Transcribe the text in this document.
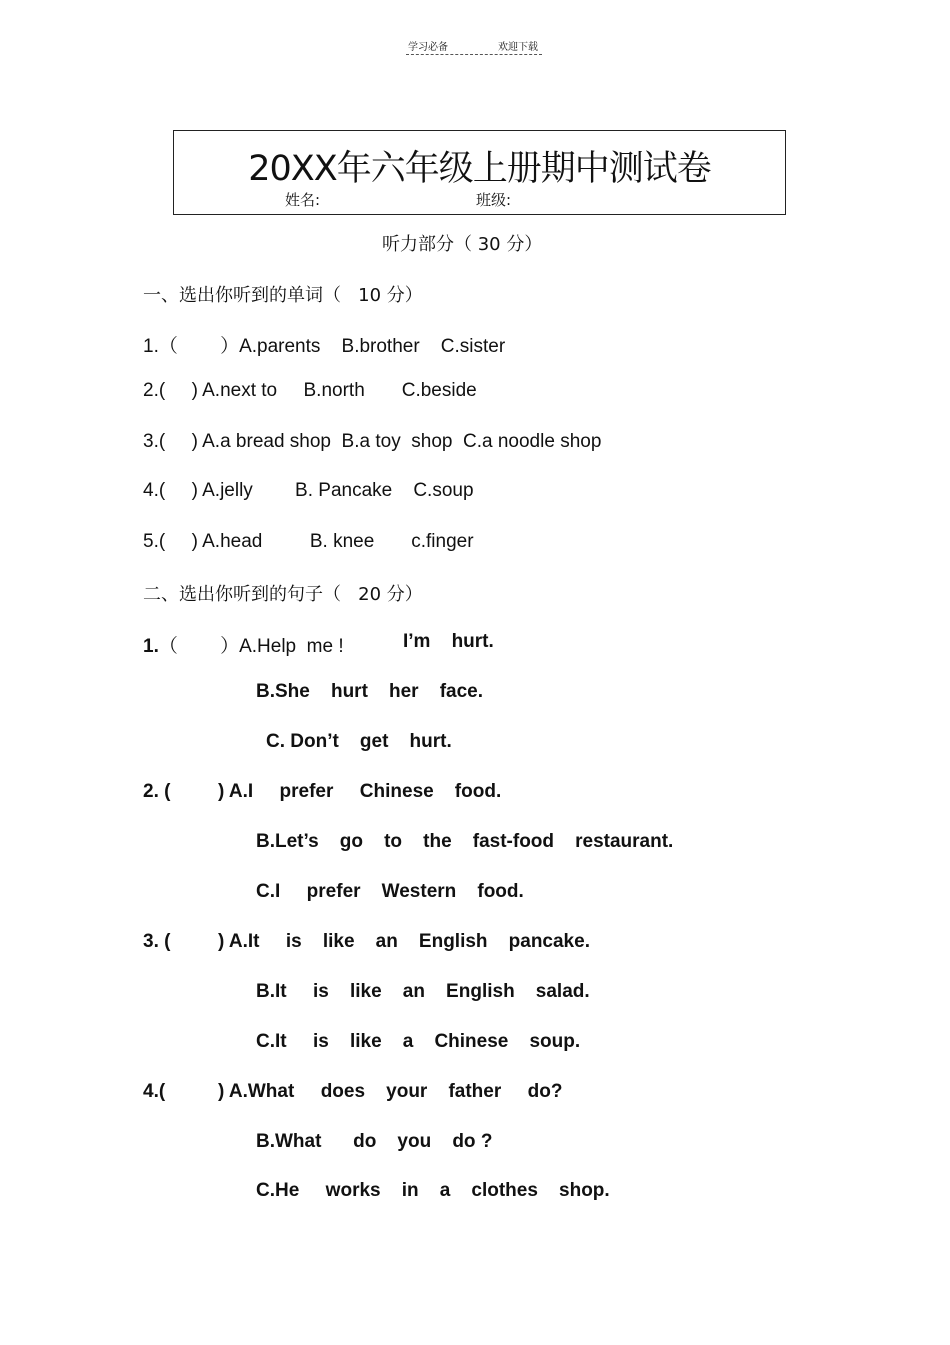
学习必备	欢迎下载
20XX年六年级上册期中测试卷
姓名:	班级:
听力部分（ 30 分）
一、选出你听到的单词（   10 分）
1.（        ）A.parents    B.brother    C.sister
2.(     ) A.next to     B.north       C.beside
3.(     ) A.a bread shop  B.a toy  shop  C.a noodle shop
4.(     ) A.jelly        B. Pancake    C.soup
5.(     ) A.head         B. knee       c.finger
二、选出你听到的句子（   20 分）
1.（        ）A.Help  me !	I’m    hurt.
B.She    hurt    her    face.
C. Don’t    get    hurt.
2. (         ) A.I     prefer     Chinese    food.
B.Let’s    go    to    the    fast-food    restaurant.
C.I     prefer    Western    food.
3. (         ) A.It     is    like    an    English    pancake.
B.It     is    like    an    English    salad.
C.It     is    like    a    Chinese    soup.
4.(          ) A.What     does    your    father     do?
B.What      do    you    do ?
C.He     works    in    a    clothes    shop.
